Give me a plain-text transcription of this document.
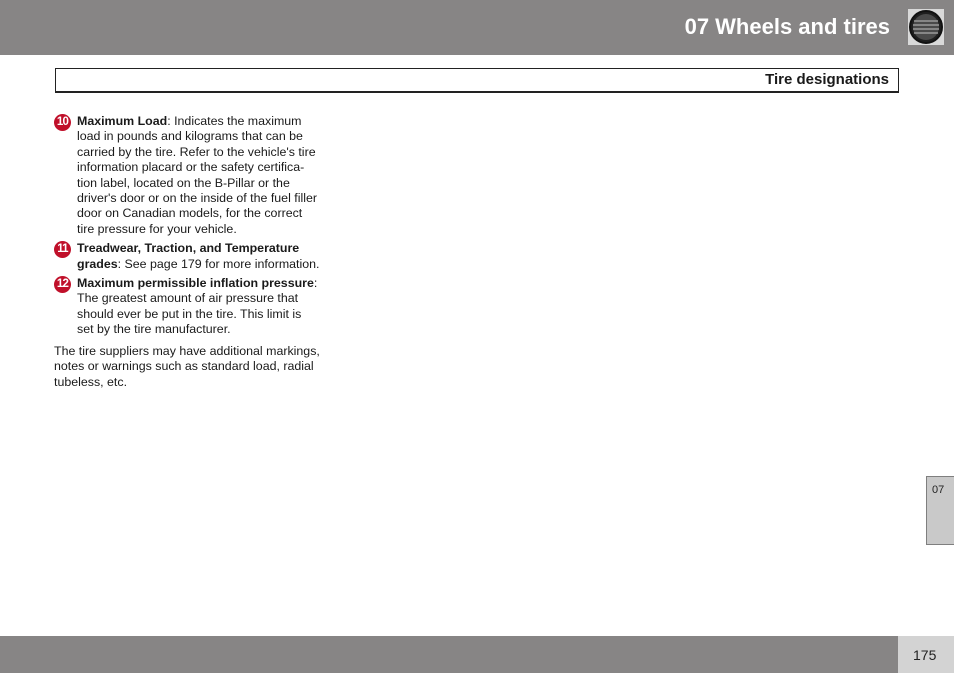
07 Wheels and tires
Tire designations
10 Maximum Load: Indicates the maximum load in pounds and kilograms that can be carried by the tire. Refer to the vehicle's tire information placard or the safety certification label, located on the B-Pillar or the driver's door or on the inside of the fuel filler door on Canadian models, for the correct tire pressure for your vehicle.

11 Treadwear, Traction, and Temperature grades: See page 179 for more information.

12 Maximum permissible inflation pressure: The greatest amount of air pressure that should ever be put in the tire. This limit is set by the tire manufacturer.

The tire suppliers may have additional markings, notes or warnings such as standard load, radial tubeless, etc.

07
175
